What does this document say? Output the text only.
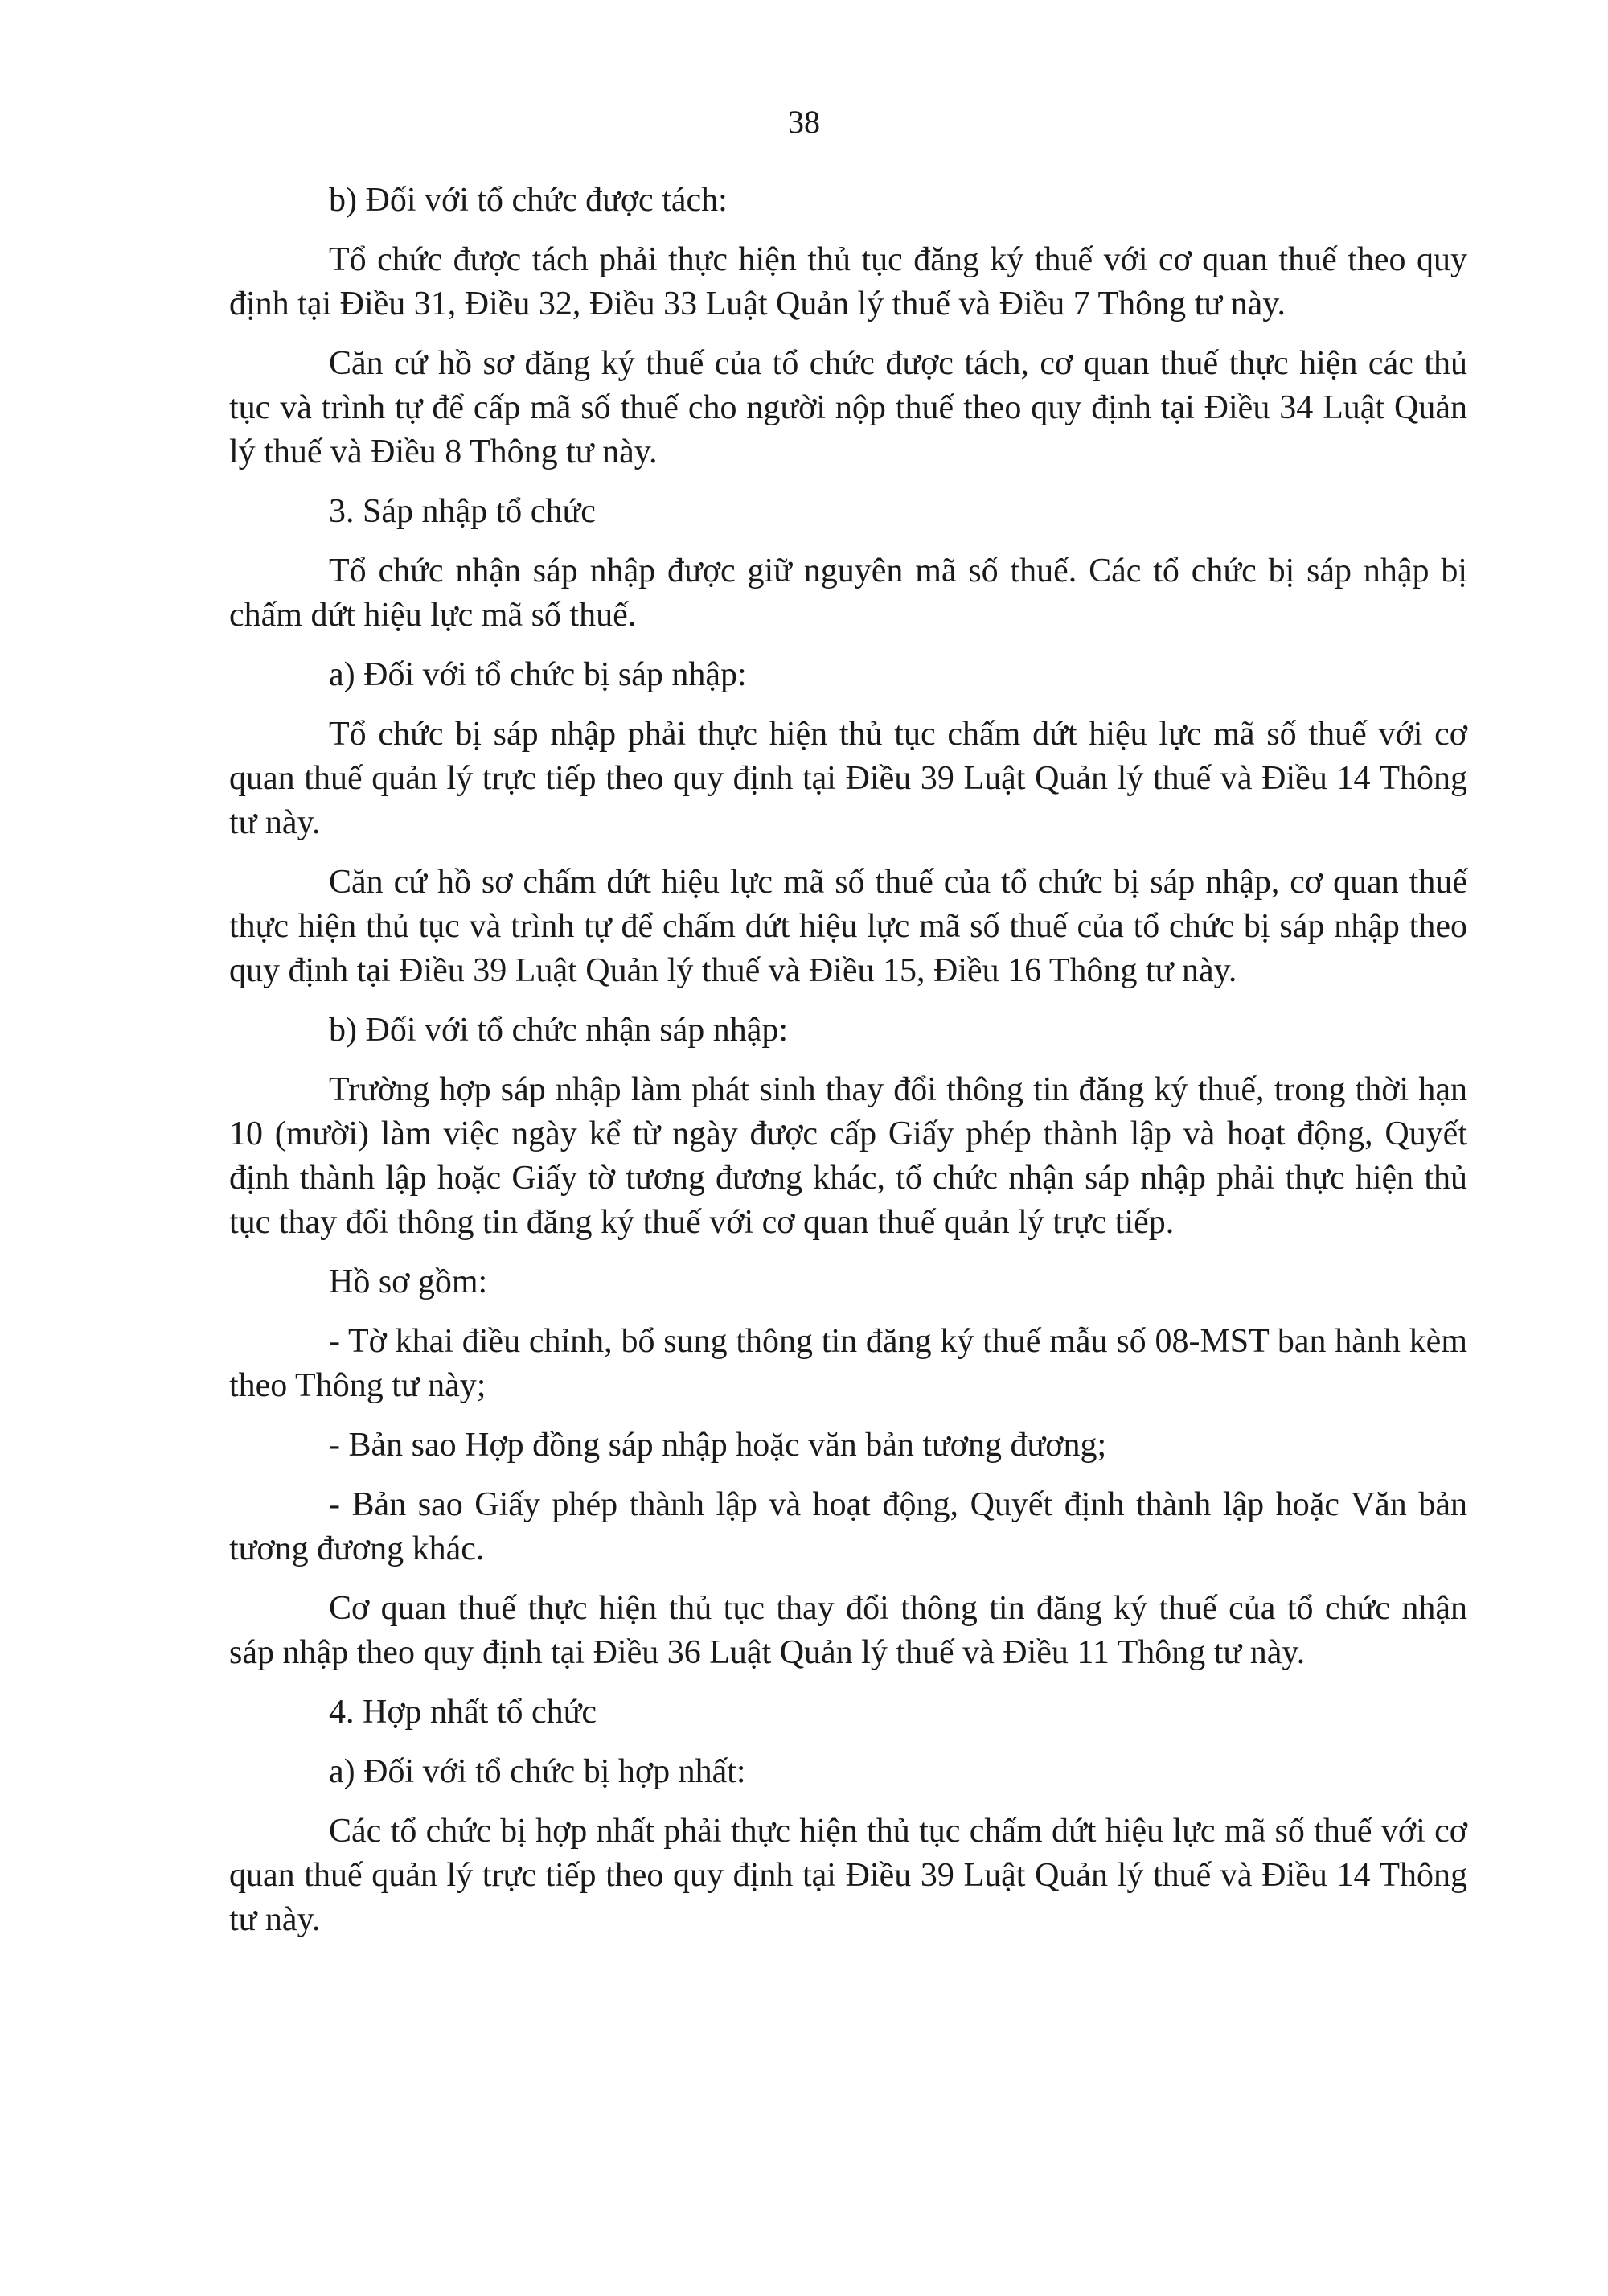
38

b) Đối với tổ chức được tách:

Tổ chức được tách phải thực hiện thủ tục đăng ký thuế với cơ quan thuế theo quy định tại Điều 31, Điều 32, Điều 33 Luật Quản lý thuế và Điều 7 Thông tư này.

Căn cứ hồ sơ đăng ký thuế của tổ chức được tách, cơ quan thuế thực hiện các thủ tục và trình tự để cấp mã số thuế cho người nộp thuế theo quy định tại Điều 34 Luật Quản lý thuế và Điều 8 Thông tư này.

3. Sáp nhập tổ chức

Tổ chức nhận sáp nhập được giữ nguyên mã số thuế. Các tổ chức bị sáp nhập bị chấm dứt hiệu lực mã số thuế.

a) Đối với tổ chức bị sáp nhập:

Tổ chức bị sáp nhập phải thực hiện thủ tục chấm dứt hiệu lực mã số thuế với cơ quan thuế quản lý trực tiếp theo quy định tại Điều 39 Luật Quản lý thuế và Điều 14 Thông tư này.

Căn cứ hồ sơ chấm dứt hiệu lực mã số thuế của tổ chức bị sáp nhập, cơ quan thuế thực hiện thủ tục và trình tự để chấm dứt hiệu lực mã số thuế của tổ chức bị sáp nhập theo quy định tại Điều 39 Luật Quản lý thuế và Điều 15, Điều 16 Thông tư này.

b) Đối với tổ chức nhận sáp nhập:

Trường hợp sáp nhập làm phát sinh thay đổi thông tin đăng ký thuế, trong thời hạn 10 (mười) làm việc ngày kể từ ngày được cấp Giấy phép thành lập và hoạt động, Quyết định thành lập hoặc Giấy tờ tương đương khác, tổ chức nhận sáp nhập phải thực hiện thủ tục thay đổi thông tin đăng ký thuế với cơ quan thuế quản lý trực tiếp.

Hồ sơ gồm:

- Tờ khai điều chỉnh, bổ sung thông tin đăng ký thuế mẫu số 08-MST ban hành kèm theo Thông tư này;

- Bản sao Hợp đồng sáp nhập hoặc văn bản tương đương;

- Bản sao Giấy phép thành lập và hoạt động, Quyết định thành lập hoặc Văn bản tương đương khác.

Cơ quan thuế thực hiện thủ tục thay đổi thông tin đăng ký thuế của tổ chức nhận sáp nhập theo quy định tại Điều 36 Luật Quản lý thuế và Điều 11 Thông tư này.

4. Hợp nhất tổ chức

a) Đối với tổ chức bị hợp nhất:

Các tổ chức bị hợp nhất phải thực hiện thủ tục chấm dứt hiệu lực mã số thuế với cơ quan thuế quản lý trực tiếp theo quy định tại Điều 39 Luật Quản lý thuế và Điều 14 Thông tư này.
